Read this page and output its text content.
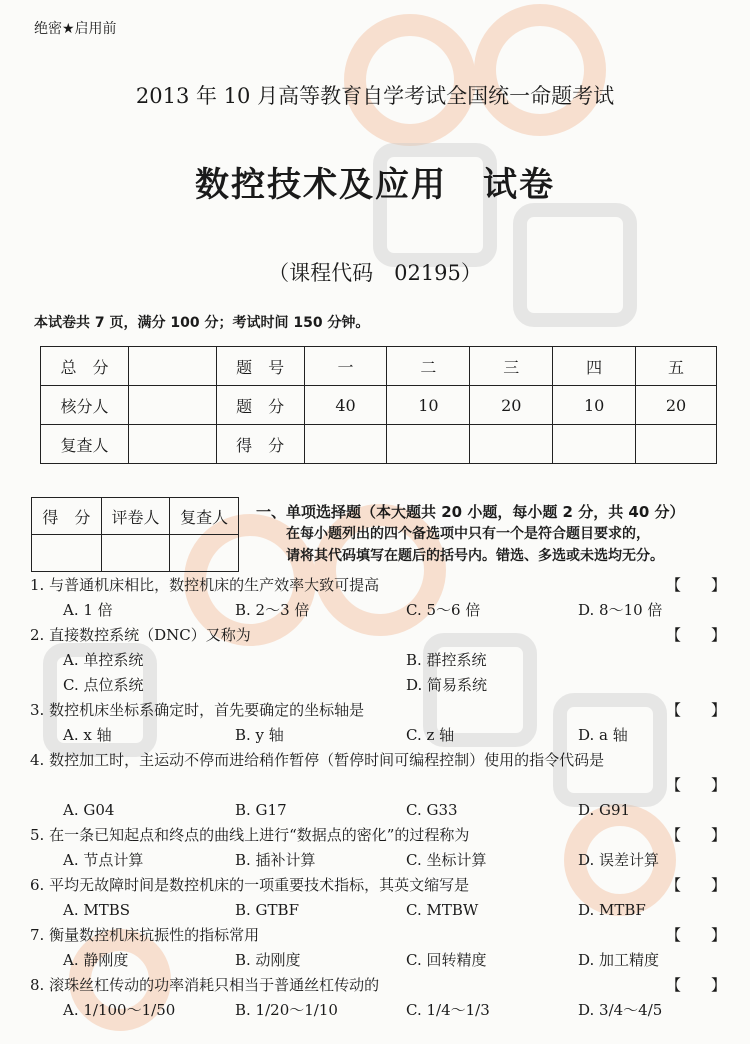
绝密★启用前
2013 年 10 月高等教育自学考试全国统一命题考试
数控技术及应用　试卷
（课程代码　02195）
本试卷共 7 页，满分 100 分；考试时间 150 分钟。
总　分		题　号	一	二	三	四	五
核分人		题　分	40	10	20	10	20
复查人		得　分					
得　分	评卷人	复查人
		一、单项选择题（本大题共 20 小题，每小题 2 分，共 40 分）
在每小题列出的四个备选项中只有一个是符合题目要求的，
请将其代码填写在题后的括号内。错选、多选或未选均无分。
1. 与普通机床相比，数控机床的生产效率大致可提高	【　　】
A. 1 倍	B. 2～3 倍	C. 5～6 倍	D. 8～10 倍
2. 直接数控系统（DNC）又称为	【　　】
A. 单控系统	B. 群控系统
C. 点位系统	D. 简易系统
3. 数控机床坐标系确定时，首先要确定的坐标轴是	【　　】
A. x 轴	B. y 轴	C. z 轴	D. a 轴
4. 数控加工时，主运动不停而进给稍作暂停（暂停时间可编程控制）使用的指令代码是
【　　】
A. G04	B. G17	C. G33	D. G91
5. 在一条已知起点和终点的曲线上进行“数据点的密化”的过程称为	【　　】
A. 节点计算	B. 插补计算	C. 坐标计算	D. 误差计算
6. 平均无故障时间是数控机床的一项重要技术指标，其英文缩写是	【　　】
A. MTBS	B. GTBF	C. MTBW	D. MTBF
7. 衡量数控机床抗振性的指标常用	【　　】
A. 静刚度	B. 动刚度	C. 回转精度	D. 加工精度
8. 滚珠丝杠传动的功率消耗只相当于普通丝杠传动的	【　　】
A. 1/100～1/50	B. 1/20～1/10	C. 1/4～1/3	D. 3/4～4/5
